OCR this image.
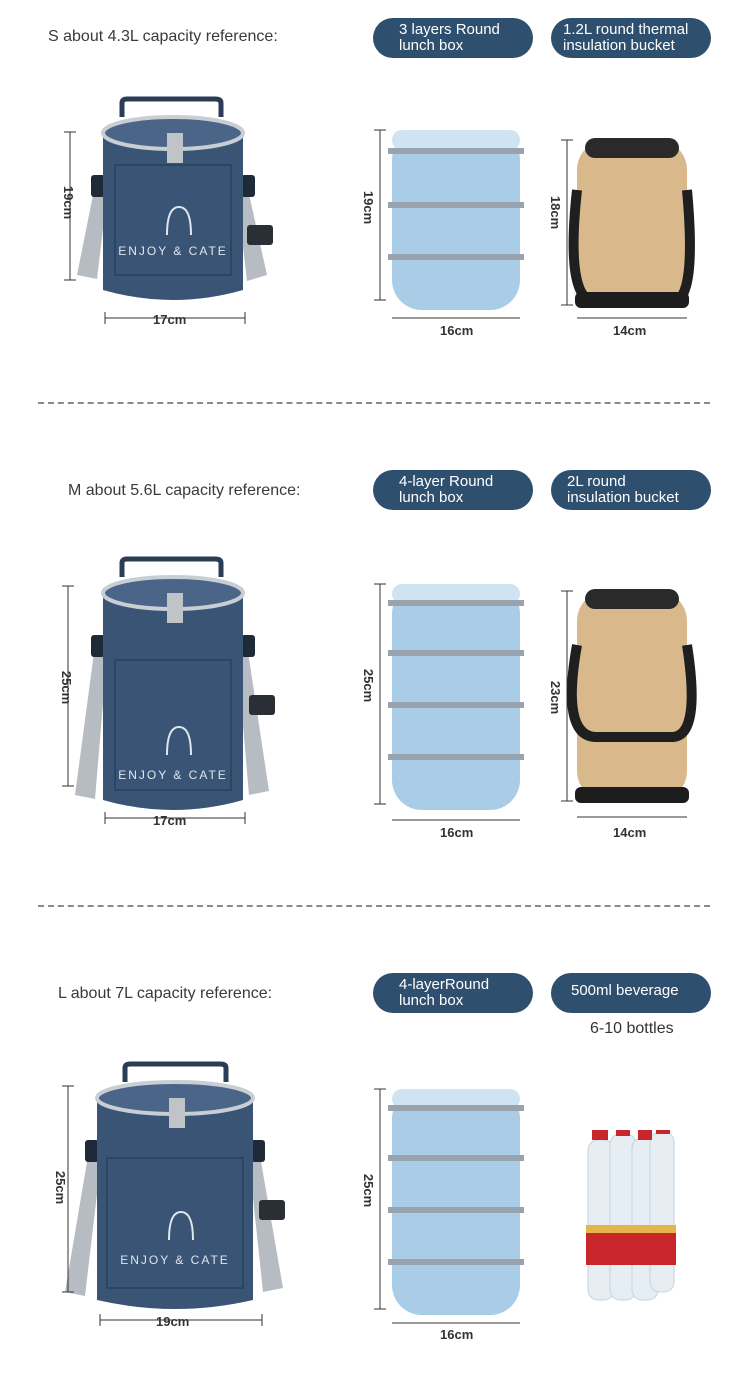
S about 4.3L capacity reference:	3 layers Round
lunch box
1.2L round thermal
insulation bucket
ENJOY & CATE
19cm
17cm
19cm
16cm
18cm
14cm
M about 5.6L capacity reference:
4-layer Round
lunch box
2L round
insulation bucket
ENJOY & CATE
25cm
17cm
25cm
16cm
23cm
14cm
L about 7L capacity reference:
4-layerRound
lunch box
500ml beverage
6-10 bottles
ENJOY & CATE
25cm
19cm
25cm
16cm
